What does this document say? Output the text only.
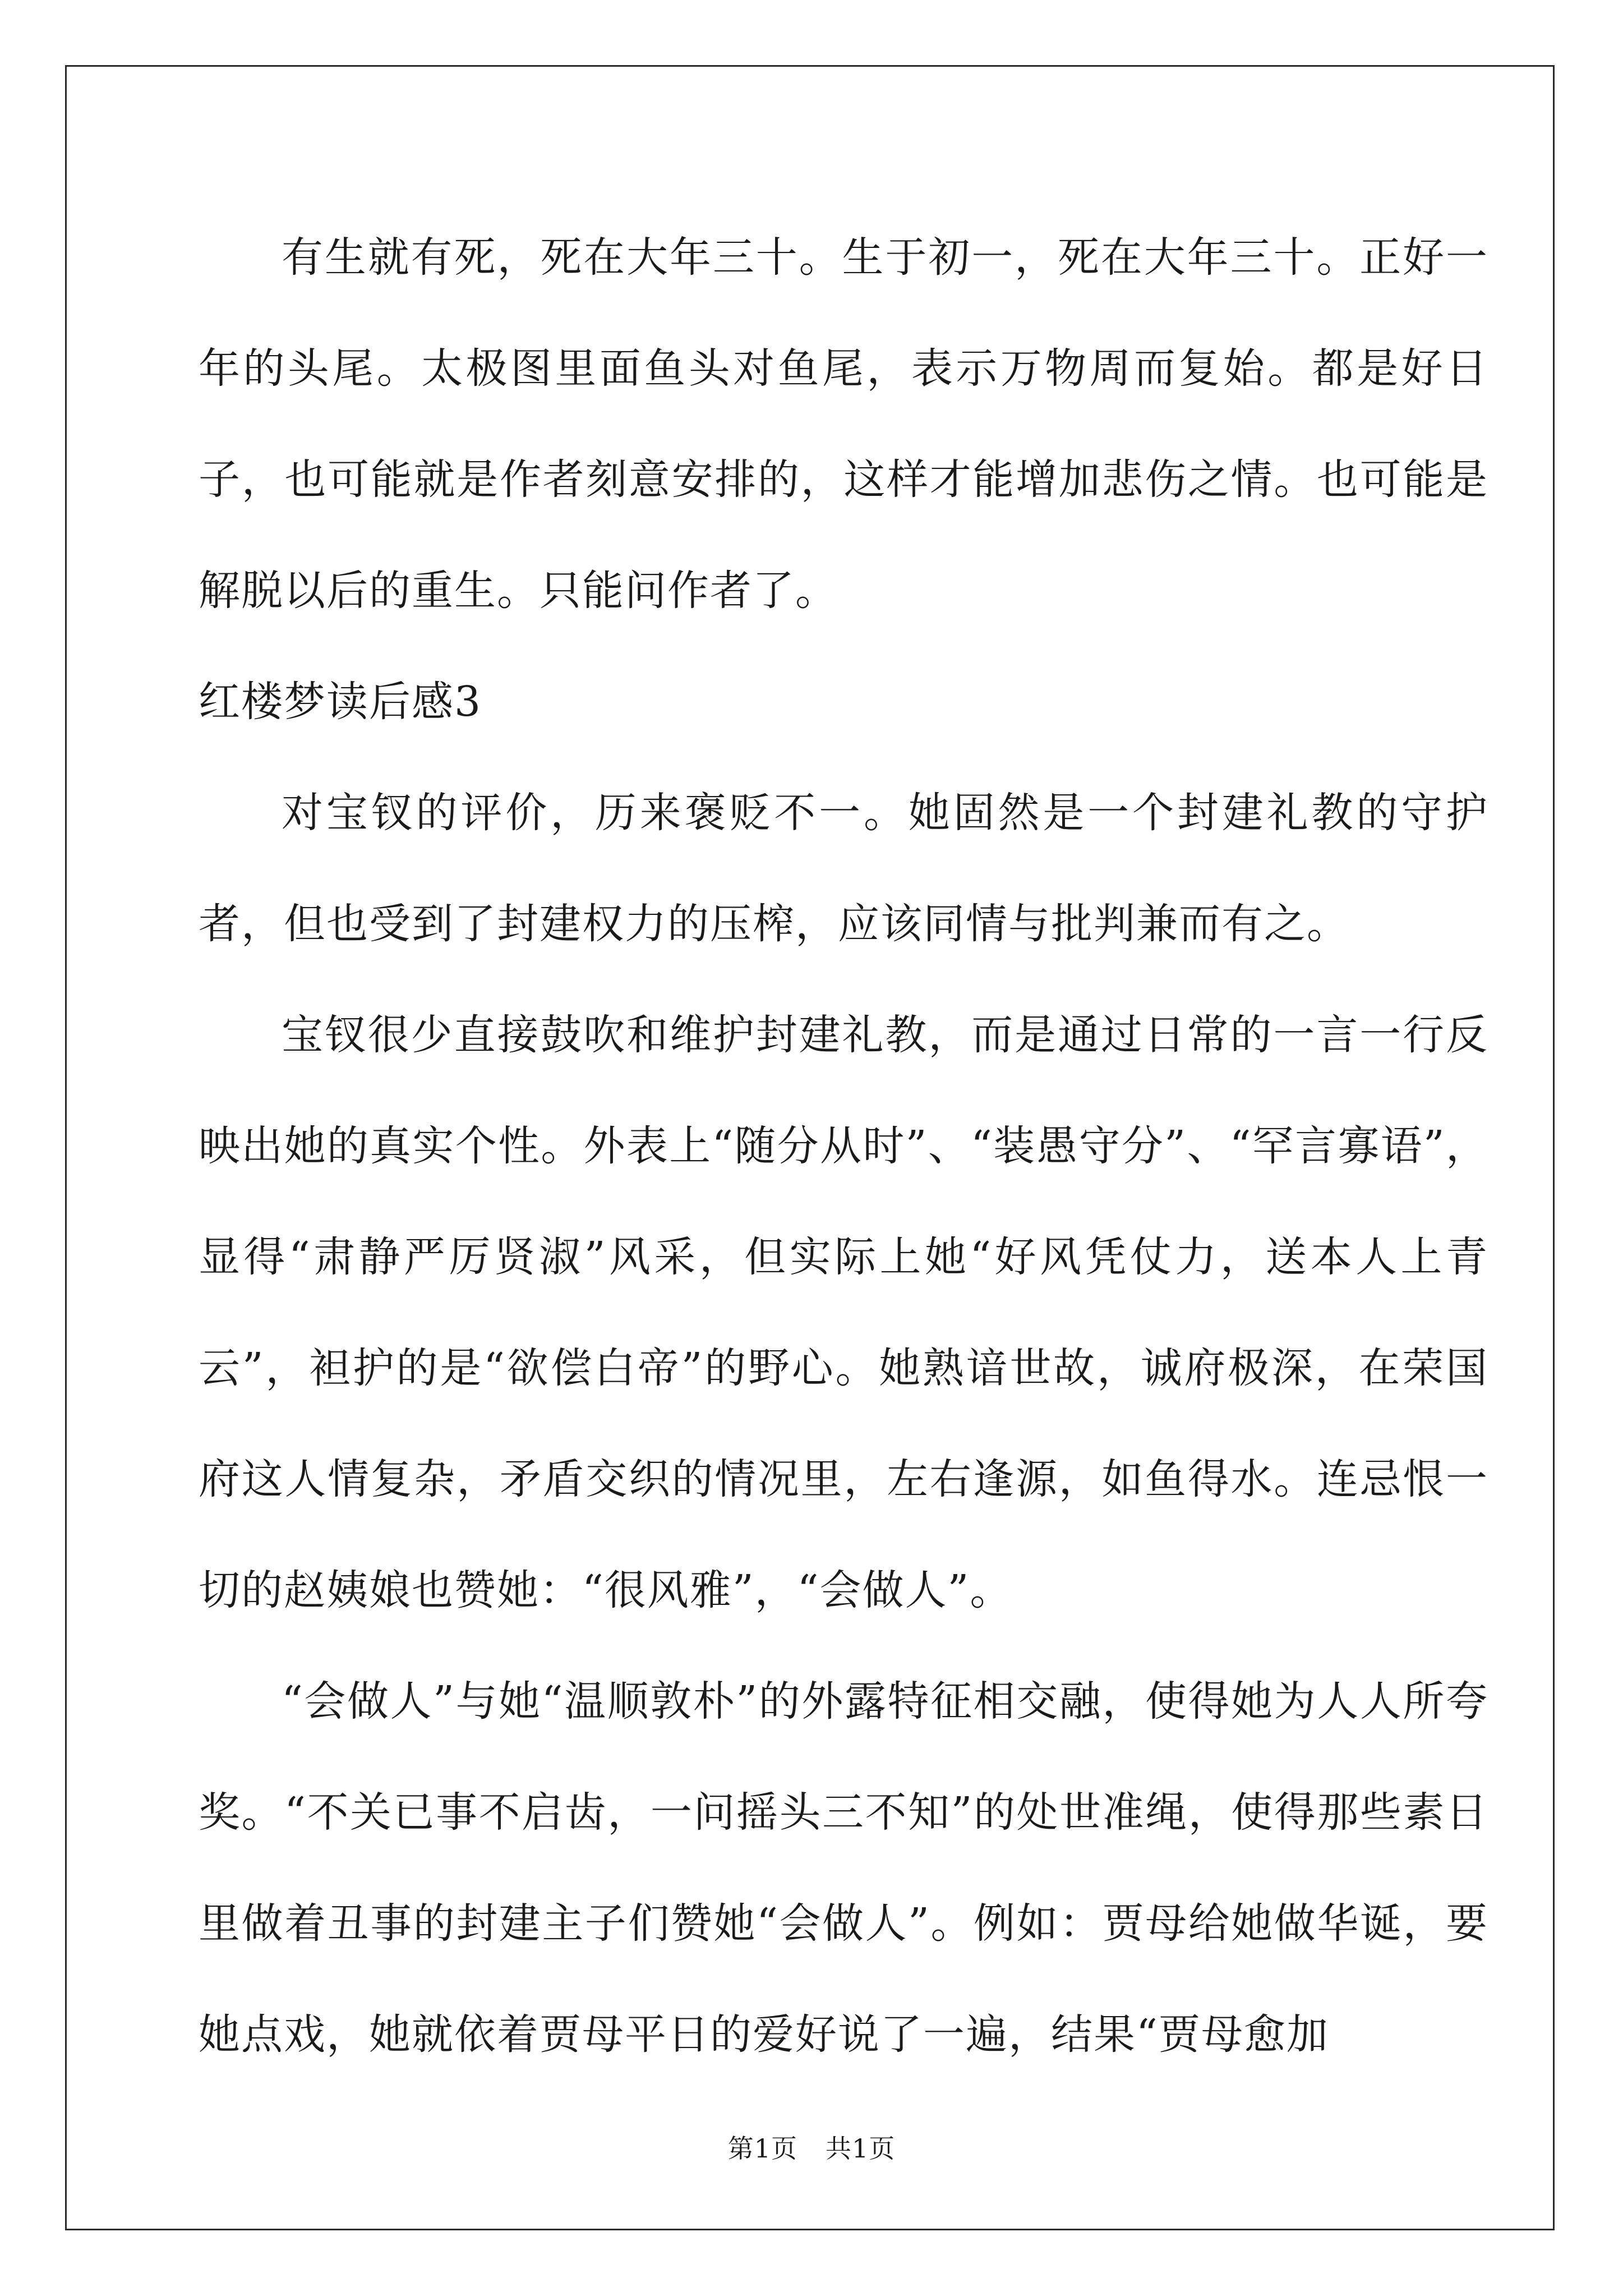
有生就有死，死在大年三十。生于初一，死在大年三十。正好一年的头尾。太极图里面鱼头对鱼尾，表示万物周而复始。都是好日子，也可能就是作者刻意安排的，这样才能增加悲伤之情。也可能是解脱以后的重生。只能问作者了。

红楼梦读后感3

对宝钗的评价，历来褒贬不一。她固然是一个封建礼教的守护者，但也受到了封建权力的压榨，应该同情与批判兼而有之。

宝钗很少直接鼓吹和维护封建礼教，而是通过日常的一言一行反映出她的真实个性。外表上“随分从时”、“装愚守分”、“罕言寡语”，显得“肃静严厉贤淑”风采，但实际上她“好风凭仗力，送本人上青云”，袒护的是“欲偿白帝”的野心。她熟谙世故，诚府极深，在荣国府这人情复杂，矛盾交织的情况里，左右逢源，如鱼得水。连忌恨一切的赵姨娘也赞她：“很风雅”，“会做人”。

“会做人”与她“温顺敦朴”的外露特征相交融，使得她为人人所夸奖。“不关已事不启齿，一问摇头三不知”的处世准绳，使得那些素日里做着丑事的封建主子们赞她“会做人”。例如：贾母给她做华诞，要她点戏，她就依着贾母平日的爱好说了一遍，结果“贾母愈加

第1页 共1页
